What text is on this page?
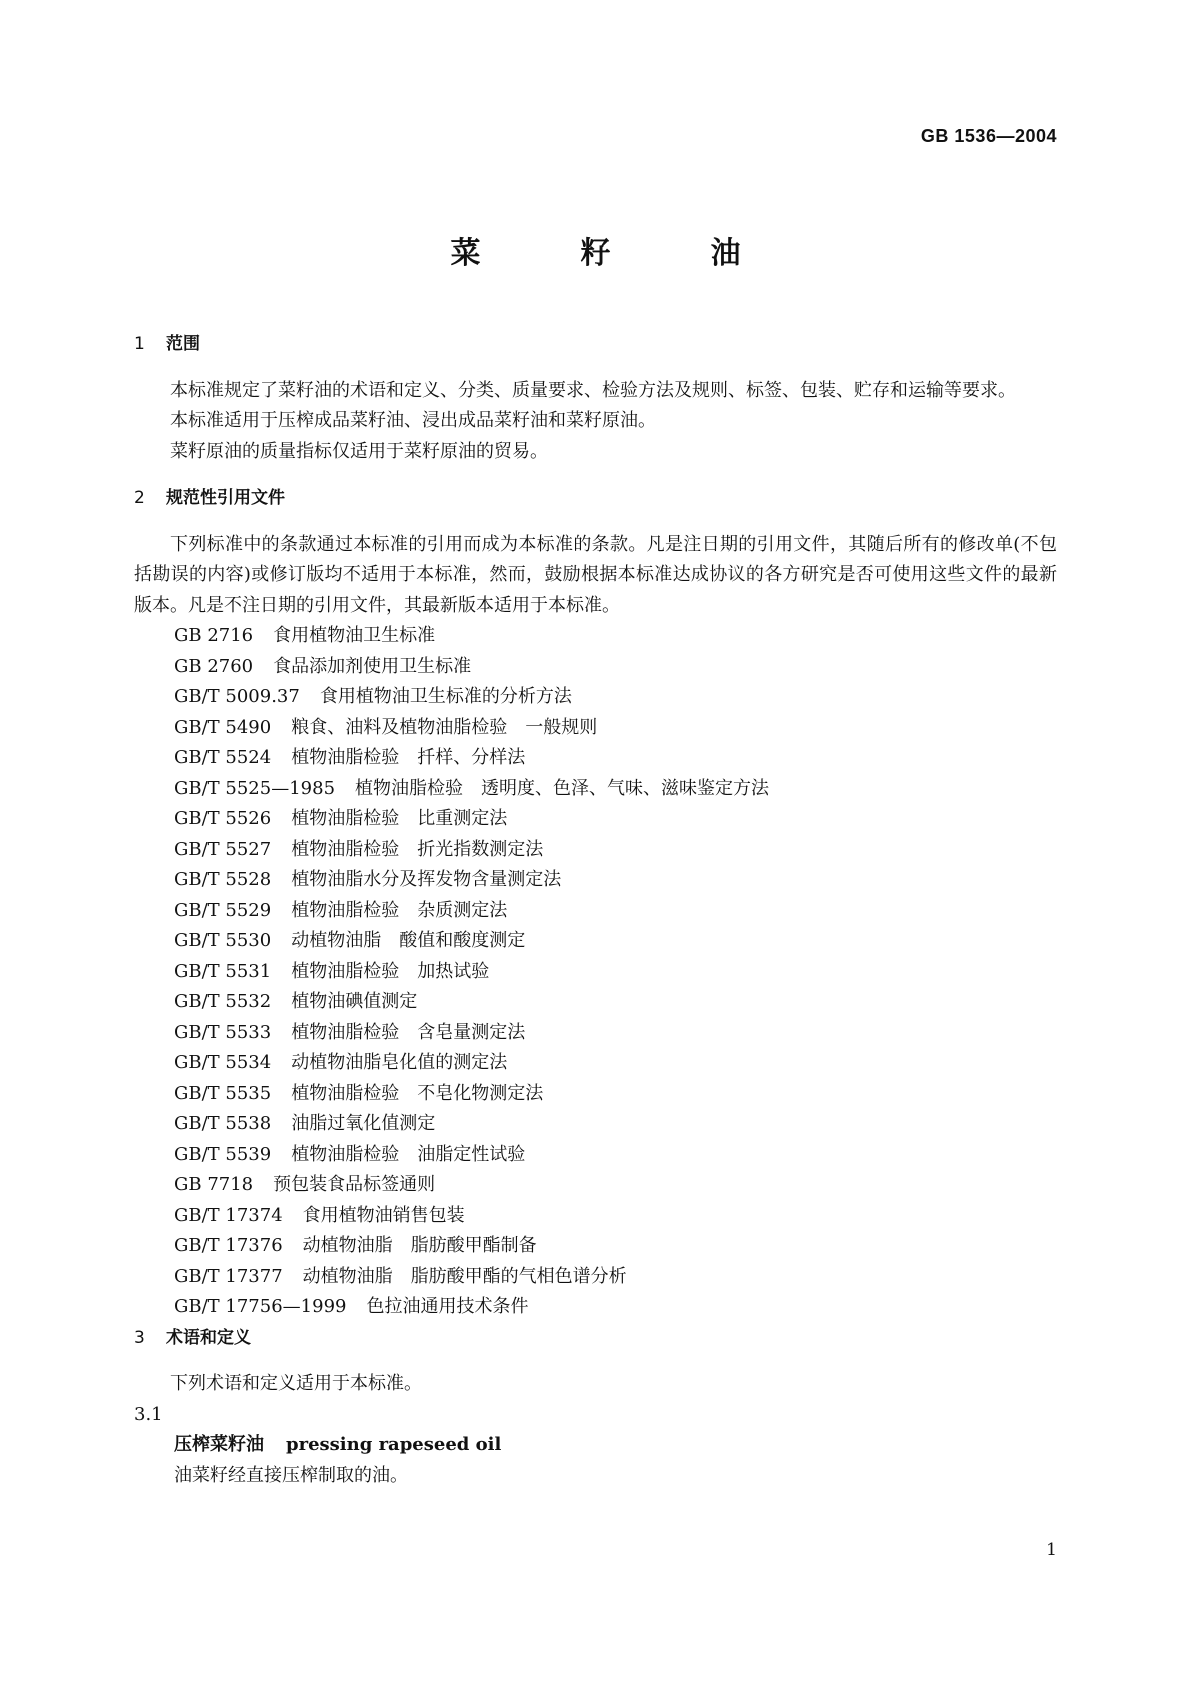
GB 1536—2004
菜	籽	油
1 范围

本标准规定了菜籽油的术语和定义、分类、质量要求、检验方法及规则、标签、包装、贮存和运输等要求。

本标准适用于压榨成品菜籽油、浸出成品菜籽油和菜籽原油。

菜籽原油的质量指标仅适用于菜籽原油的贸易。

2 规范性引用文件

下列标准中的条款通过本标准的引用而成为本标准的条款。凡是注日期的引用文件，其随后所有的修改单(不包括勘误的内容)或修订版均不适用于本标准，然而，鼓励根据本标准达成协议的各方研究是否可使用这些文件的最新版本。凡是不注日期的引用文件，其最新版本适用于本标准。

GB 2716 食用植物油卫生标准
GB 2760 食品添加剂使用卫生标准
GB/T 5009.37 食用植物油卫生标准的分析方法
GB/T 5490 粮食、油料及植物油脂检验　一般规则
GB/T 5524 植物油脂检验　扦样、分样法
GB/T 5525—1985 植物油脂检验　透明度、色泽、气味、滋味鉴定方法
GB/T 5526 植物油脂检验　比重测定法
GB/T 5527 植物油脂检验　折光指数测定法
GB/T 5528 植物油脂水分及挥发物含量测定法
GB/T 5529 植物油脂检验　杂质测定法
GB/T 5530 动植物油脂　酸值和酸度测定
GB/T 5531 植物油脂检验　加热试验
GB/T 5532 植物油碘值测定
GB/T 5533 植物油脂检验　含皂量测定法
GB/T 5534 动植物油脂皂化值的测定法
GB/T 5535 植物油脂检验　不皂化物测定法
GB/T 5538 油脂过氧化值测定
GB/T 5539 植物油脂检验　油脂定性试验
GB 7718 预包装食品标签通则
GB/T 17374 食用植物油销售包装
GB/T 17376 动植物油脂　脂肪酸甲酯制备
GB/T 17377 动植物油脂　脂肪酸甲酯的气相色谱分析
GB/T 17756—1999 色拉油通用技术条件
3 术语和定义

下列术语和定义适用于本标准。

3.1

压榨菜籽油 pressing rapeseed oil

油菜籽经直接压榨制取的油。

1
